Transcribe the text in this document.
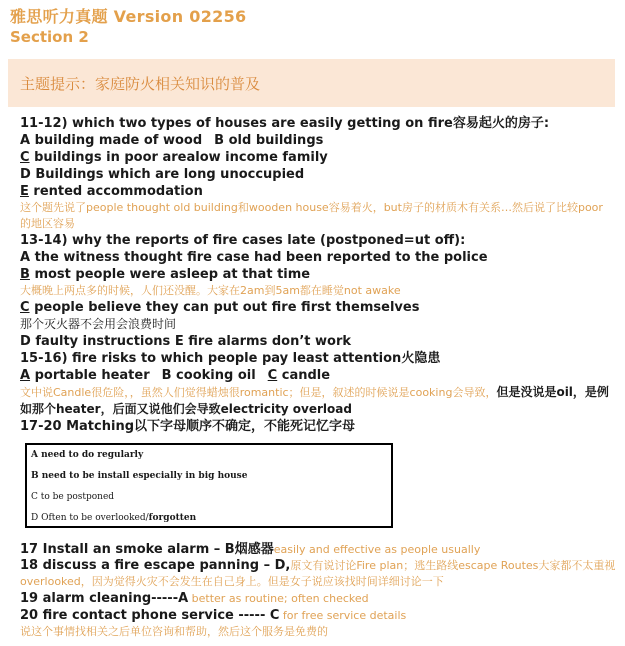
雅思听力真题 Version 02256
Section 2
主题提示：家庭防火相关知识的普及
11-12) which two types of houses are easily getting on fire容易起火的房子:
A building made of wood B old buildings
C buildings in poor arealow income family
D Buildings which are long unoccupied
E rented accommodation
这个题先说了people thought old building和wooden house容易着火，but房子的材质木有关系…然后说了比较poor的地区容易
13-14) why the reports of fire cases late (postponed=ut off):
A the witness thought fire case had been reported to the police
B most people were asleep at that time
大概晚上两点多的时候，人们还没醒。大家在2am到5am都在睡觉not awake
C people believe they can put out fire first themselves
那个灭火器不会用会浪费时间
D faulty instructions E fire alarms don’t work
15-16) fire risks to which people pay least attention火隐患
A portable heater B cooking oil C candle
文中说Candle很危险，，虽然人们觉得蜡烛很romantic；但是，叙述的时候说是cooking会导致，但是没说是oil，是例如那个heater，后面又说他们会导致electricity overload
17-20 Matching以下字母顺序不确定，不能死记忆字母
A need to do regularly
B need to be install especially in big house
C to be postponed
D Often to be overlooked/forgotten
17 Install an smoke alarm – B烟感器easily and effective as people usually
18 discuss a fire escape panning – D,原文有说讨论Fire plan；逃生路线escape Routes大家都不太重视overlooked，因为觉得火灾不会发生在自己身上。但是女子说应该找时间详细讨论一下
19 alarm cleaning-----A better as routine; often checked
20 fire contact phone service ----- C for free service details
说这个事情找相关之后单位咨询和帮助，然后这个服务是免费的
